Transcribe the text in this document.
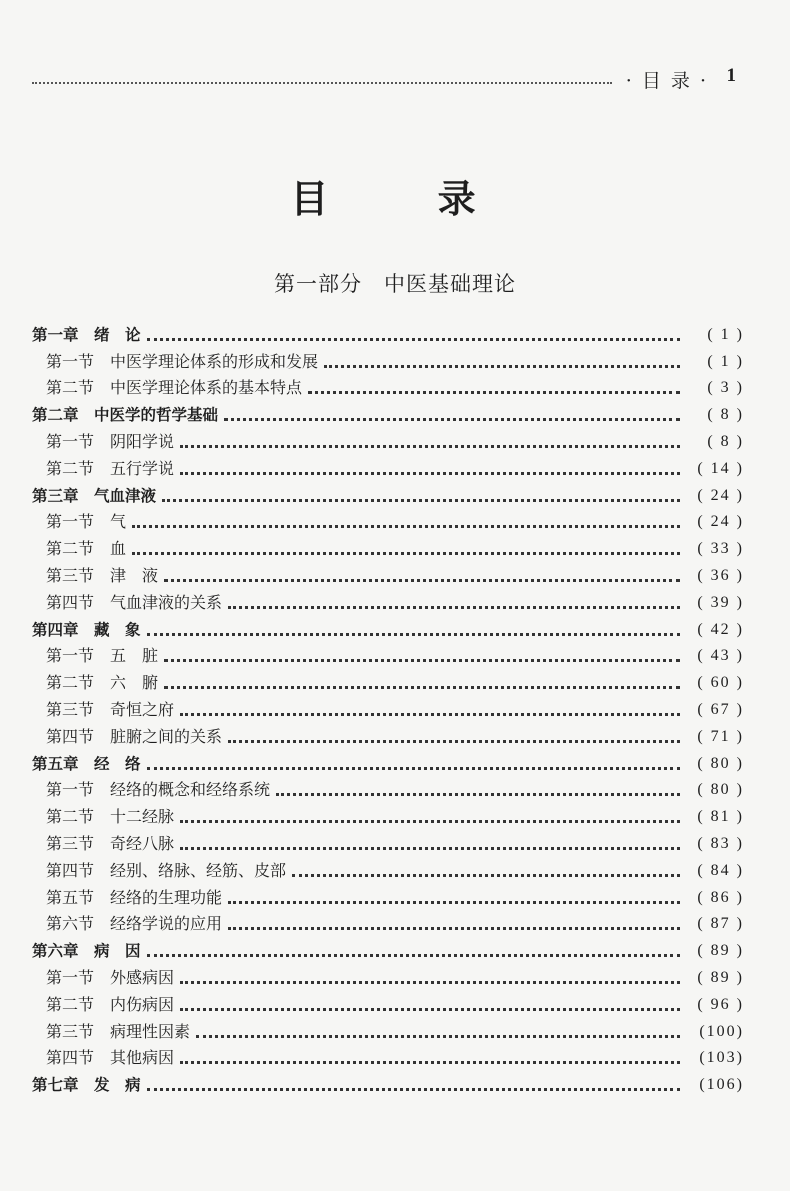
· 目 录 · 1
目 录
第一部分　中医基础理论
第一章　绪　论	( 1 )
第一节　中医学理论体系的形成和发展	( 1 )
第二节　中医学理论体系的基本特点	( 3 )
第二章　中医学的哲学基础	( 8 )
第一节　阴阳学说	( 8 )
第二节　五行学说	( 14 )
第三章　气血津液	( 24 )
第一节　气	( 24 )
第二节　血	( 33 )
第三节　津　液	( 36 )
第四节　气血津液的关系	( 39 )
第四章　藏　象	( 42 )
第一节　五　脏	( 43 )
第二节　六　腑	( 60 )
第三节　奇恒之府	( 67 )
第四节　脏腑之间的关系	( 71 )
第五章　经　络	( 80 )
第一节　经络的概念和经络系统	( 80 )
第二节　十二经脉	( 81 )
第三节　奇经八脉	( 83 )
第四节　经别、络脉、经筋、皮部	( 84 )
第五节　经络的生理功能	( 86 )
第六节　经络学说的应用	( 87 )
第六章　病　因	( 89 )
第一节　外感病因	( 89 )
第二节　内伤病因	( 96 )
第三节　病理性因素	(100)
第四节　其他病因	(103)
第七章　发　病	(106)
